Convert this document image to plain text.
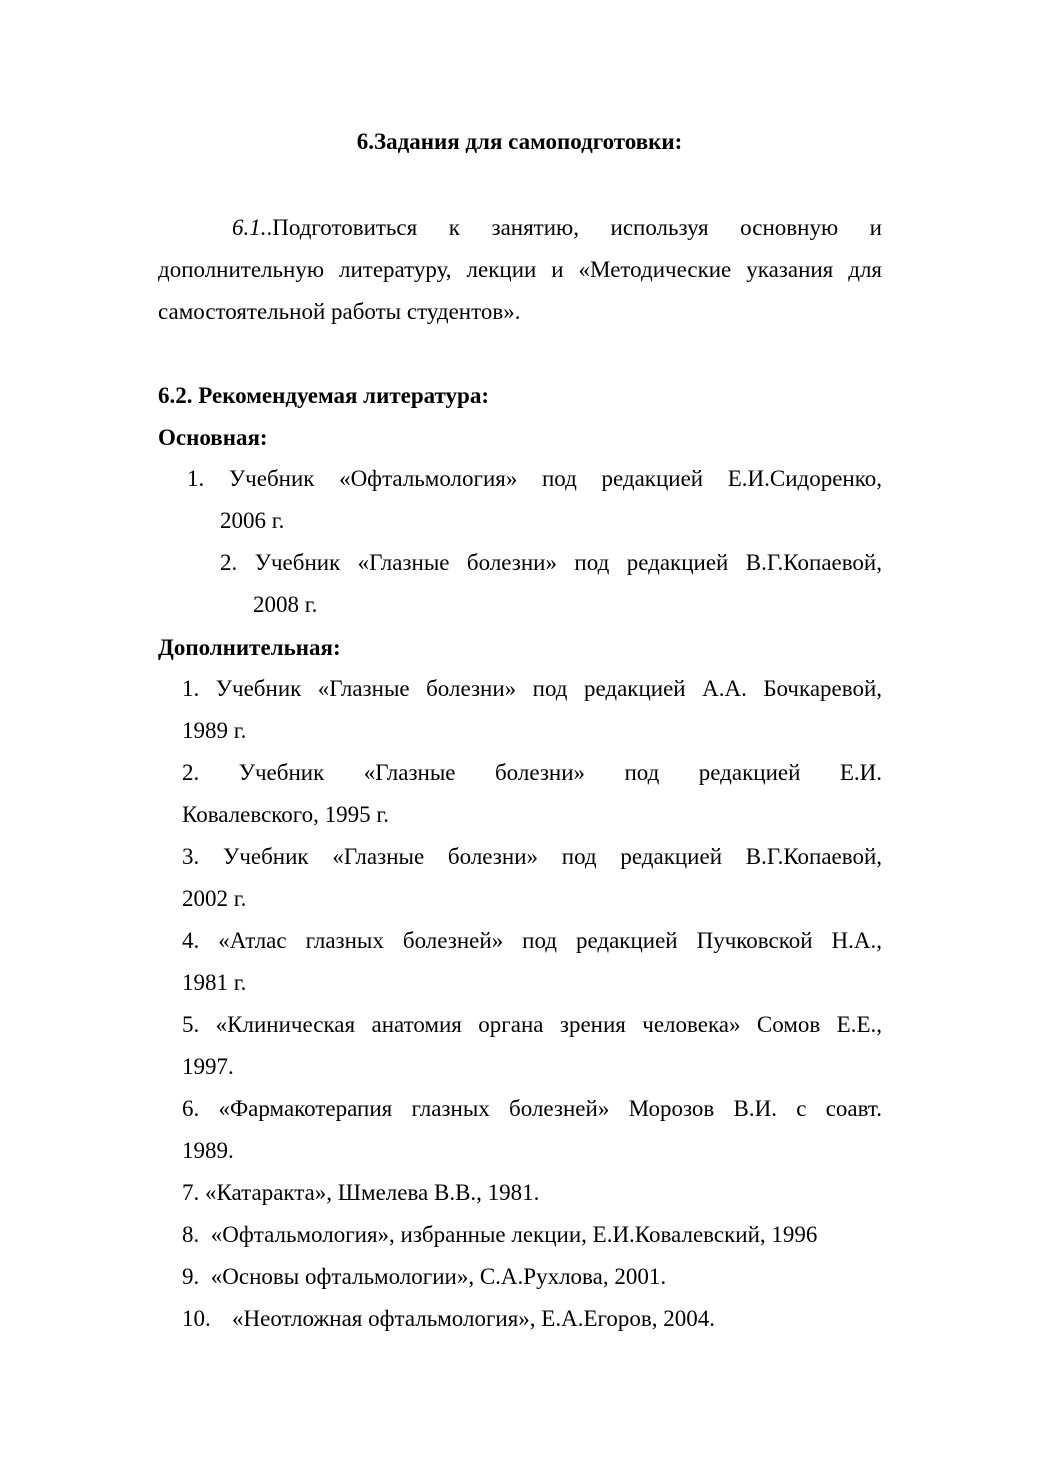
6.Задания для самоподготовки:
6.1..Подготовиться к занятию, используя основную и
дополнительную литературу, лекции и «Методические указания для самостоятельной работы студентов».
6.2. Рекомендуемая литература:
Основная:
1. Учебник «Офтальмология» под редакцией Е.И.Сидоренко,
2006 г.
2. Учебник «Глазные болезни» под редакцией В.Г.Копаевой,
2008 г.
Дополнительная:
1. Учебник «Глазные болезни» под редакцией А.А. Бочкаревой,
1989 г.
2. Учебник «Глазные болезни» под редакцией Е.И.
Ковалевского, 1995 г.
3. Учебник «Глазные болезни» под редакцией В.Г.Копаевой,
2002 г.
4. «Атлас глазных болезней» под редакцией Пучковской Н.А.,
1981 г.
5. «Клиническая анатомия органа зрения человека» Сомов Е.Е.,
1997.
6. «Фармакотерапия глазных болезней» Морозов В.И. с соавт.
1989.
7. «Катаракта», Шмелева В.В., 1981.
8. «Офтальмология», избранные лекции, Е.И.Ковалевский, 1996
9. «Основы офтальмологии», С.А.Рухлова, 2001.
10. «Неотложная офтальмология», Е.А.Егоров, 2004.
